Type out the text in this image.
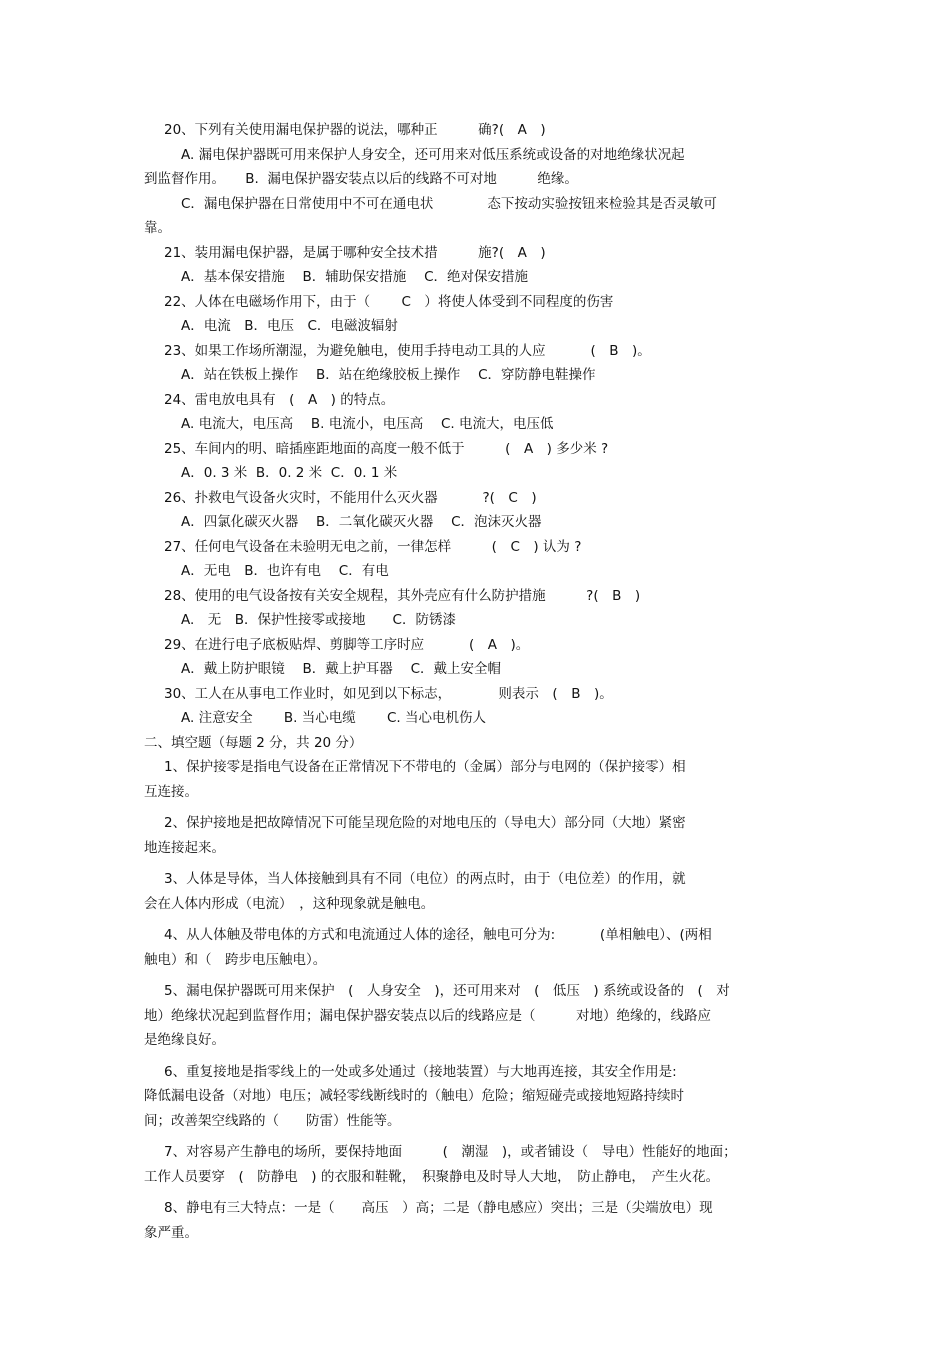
20、下列有关使用漏电保护器的说法，哪种正　　　确?(　A　)
A. 漏电保护器既可用来保护人身安全，还可用来对低压系统或设备的对地绝缘状况起
到监督作用。　　B.  漏电保护器安装点以后的线路不可对地　　　绝缘。
C．漏电保护器在日常使用中不可在通电状　　　　态下按动实验按钮来检验其是否灵敏可
靠。
21、装用漏电保护器，是属于哪种安全技术措　　　施?(　A　)
A．基本保安措施　 B．辅助保安措施　 C．绝对保安措施
22、人体在电磁场作用下，由于（　　 C　）将使人体受到不同程度的伤害
A．电流　B．电压　C．电磁波辐射
23、如果工作场所潮湿，为避免触电，使用手持电动工具的人应　　　 (　B　)。
A．站在铁板上操作　 B．站在绝缘胶板上操作　 C．穿防静电鞋操作
24、雷电放电具有　(　A　) 的特点。
A. 电流大，电压高　 B. 电流小，电压高　 C. 电流大，电压低
25、车间内的明、暗插座距地面的高度一般不低于　　　(　A　) 多少米 ?
A．0. 3 米  B．0. 2 米  C．0. 1 米
26、扑救电气设备火灾时，不能用什么灭火器　　　 ?(　C　)
A．四氯化碳灭火器　 B．二氧化碳灭火器　 C．泡沫灭火器
27、任何电气设备在未验明无电之前，一律怎样　　　(　C　) 认为 ?
A．无电　B．也许有电　 C．有电
28、使用的电气设备按有关安全规程，其外壳应有什么防护措施　　　?(　B　)
A.　无　B．保护性接零或接地　　C．防锈漆
29、在进行电子底板贴焊、剪脚等工序时应　　　 (　A　)。
A．戴上防护眼镜　 B．戴上护耳器　 C．戴上安全帽
30、工人在从事电工作业时，如见到以下标志，　　　　则表示　(　B　)。
A. 注意安全　　 B. 当心电缆　　 C. 当心电机伤人
二、填空题（每题 2 分，共 20 分）
1、保护接零是指电气设备在正常情况下不带电的（金属）部分与电网的（保护接零）相
互连接。
2、保护接地是把故障情况下可能呈现危险的对地电压的（导电大）部分同（大地）紧密
地连接起来。
3、人体是导体，当人体接触到具有不同（电位）的两点时，由于（电位差）的作用，就
会在人体内形成（电流）　，这种现象就是触电。
4、从人体触及带电体的方式和电流通过人体的途径，触电可分为:　　　 (单相触电）、(两相
触电）和（　跨步电压触电）。
5、漏电保护器既可用来保护　(　人身安全　)，还可用来对　(　低压　) 系统或设备的　(　对
地）绝缘状况起到监督作用；漏电保护器安装点以后的线路应是（　　　对地）绝缘的，线路应
是绝缘良好。
6、重复接地是指零线上的一处或多处通过（接地装置）与大地再连接，其安全作用是:
降低漏电设备（对地）电压；减轻零线断线时的（触电）危险；缩短碰壳或接地短路持续时
间；改善架空线路的（　　防雷）性能等。
7、对容易产生静电的场所，要保持地面　　　(　潮湿　)，或者铺设（　导电）性能好的地面；
工作人员要穿　(　防静电　) 的衣服和鞋靴，　积聚静电及时导人大地，　防止静电，　产生火花。
8、静电有三大特点：一是（　　高压　）高；二是（静电感应）突出；三是（尖端放电）现
象严重。
